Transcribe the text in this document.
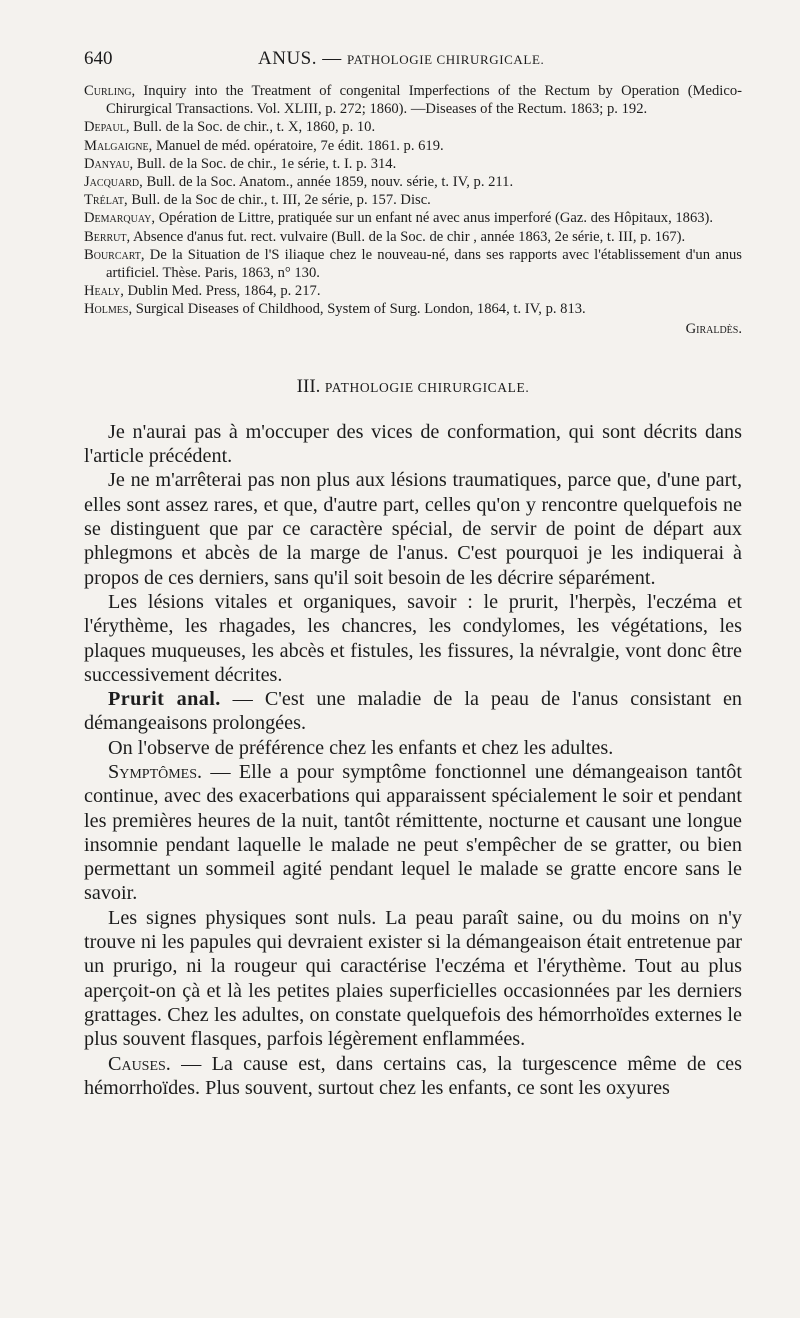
640	ANUS. — PATHOLOGIE CHIRURGICALE.

Curling, Inquiry into the Treatment of congenital Imperfections of the Rectum by Operation (Medico-Chirurgical Transactions. Vol. XLIII, p. 272; 1860). —Diseases of the Rectum. 1863; p. 192.

Depaul, Bull. de la Soc. de chir., t. X, 1860, p. 10.

Malgaigne, Manuel de méd. opératoire, 7e édit. 1861. p. 619.

Danyau, Bull. de la Soc. de chir., 1e série, t. I. p. 314.

Jacquard, Bull. de la Soc. Anatom., année 1859, nouv. série, t. IV, p. 211.

Trélat, Bull. de la Soc de chir., t. III, 2e série, p. 157. Disc.

Demarquay, Opération de Littre, pratiquée sur un enfant né avec anus imperforé (Gaz. des Hôpitaux, 1863).

Berrut, Absence d'anus fut. rect. vulvaire (Bull. de la Soc. de chir , année 1863, 2e série, t. III, p. 167).

Bourcart, De la Situation de l'S iliaque chez le nouveau-né, dans ses rapports avec l'établissement d'un anus artificiel. Thèse. Paris, 1863, n° 130.

Healy, Dublin Med. Press, 1864, p. 217.

Holmes, Surgical Diseases of Childhood, System of Surg. London, 1864, t. IV, p. 813.

Giraldès.

III. PATHOLOGIE CHIRURGICALE.

Je n'aurai pas à m'occuper des vices de conformation, qui sont décrits dans l'article précédent.

Je ne m'arrêterai pas non plus aux lésions traumatiques, parce que, d'une part, elles sont assez rares, et que, d'autre part, celles qu'on y rencontre quelquefois ne se distinguent que par ce caractère spécial, de servir de point de départ aux phlegmons et abcès de la marge de l'anus. C'est pourquoi je les indiquerai à propos de ces derniers, sans qu'il soit besoin de les décrire séparément.

Les lésions vitales et organiques, savoir : le prurit, l'herpès, l'eczéma et l'érythème, les rhagades, les chancres, les condylomes, les végétations, les plaques muqueuses, les abcès et fistules, les fissures, la névralgie, vont donc être successivement décrites.

Prurit anal. — C'est une maladie de la peau de l'anus consistant en démangeaisons prolongées.

On l'observe de préférence chez les enfants et chez les adultes.

Symptômes. — Elle a pour symptôme fonctionnel une démangeaison tantôt continue, avec des exacerbations qui apparaissent spécialement le soir et pendant les premières heures de la nuit, tantôt rémittente, nocturne et causant une longue insomnie pendant laquelle le malade ne peut s'empêcher de se gratter, ou bien permettant un sommeil agité pendant lequel le malade se gratte encore sans le savoir.

Les signes physiques sont nuls. La peau paraît saine, ou du moins on n'y trouve ni les papules qui devraient exister si la démangeaison était entretenue par un prurigo, ni la rougeur qui caractérise l'eczéma et l'érythème. Tout au plus aperçoit-on çà et là les petites plaies superficielles occasionnées par les derniers grattages. Chez les adultes, on constate quelquefois des hémorrhoïdes externes le plus souvent flasques, parfois légèrement enflammées.

Causes. — La cause est, dans certains cas, la turgescence même de ces hémorrhoïdes. Plus souvent, surtout chez les enfants, ce sont les oxyures
